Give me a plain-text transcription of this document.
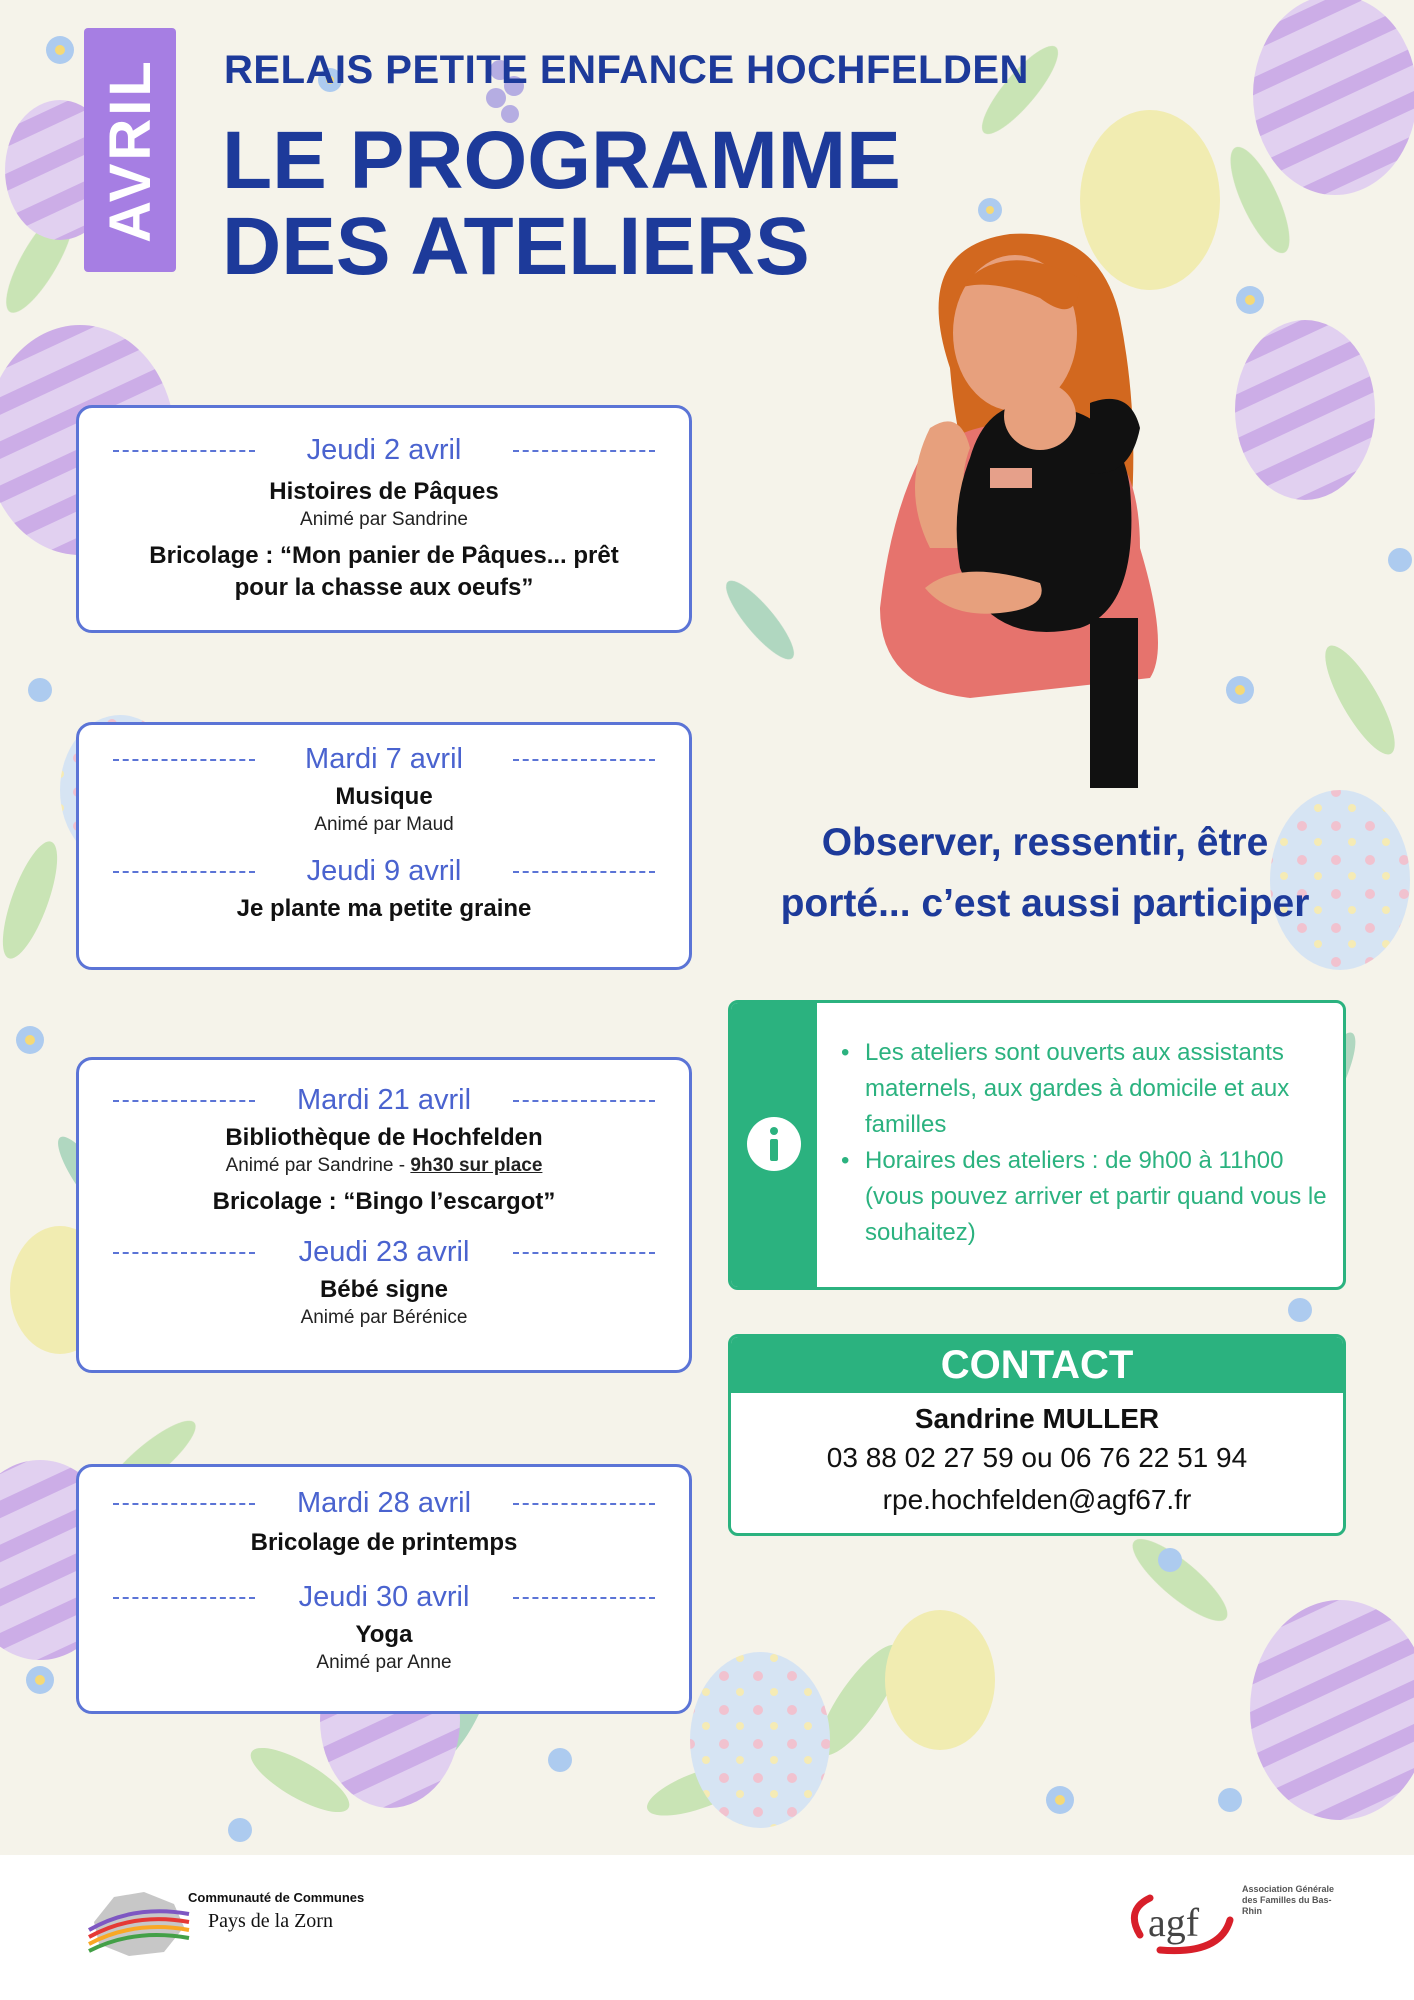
AVRIL RELAIS PETITE ENFANCE HOCHFELDEN
LE PROGRAMME
DES ATELIERS
Jeudi 2 avril
Histoires de Pâques
Animé par Sandrine
Bricolage : “Mon panier de Pâques... prêt
pour la chasse aux oeufs”
Mardi 7 avril
Musique
Animé par Maud
Jeudi 9 avril
Je plante ma petite graine
Mardi 21 avril
Bibliothèque de Hochfelden
Animé par Sandrine - 9h30 sur place
Bricolage : “Bingo l’escargot”
Jeudi 23 avril
Bébé signe
Animé par Bérénice
Mardi 28 avril
Bricolage de printemps
Jeudi 30 avril
Yoga
Animé par Anne
Observer, ressentir, être
porté... c’est aussi participer
• Les ateliers sont ouverts aux assistants maternels, aux gardes à domicile et aux familles
• Horaires des ateliers : de 9h00 à 11h00 (vous pouvez arriver et partir quand vous le souhaitez)
CONTACT
Sandrine MULLER
03 88 02 27 59 ou 06 76 22 51 94
rpe.hochfelden@agf67.fr
Communauté de Communes
Pays de la Zorn	agf
Association Générale des Familles du Bas-Rhin
